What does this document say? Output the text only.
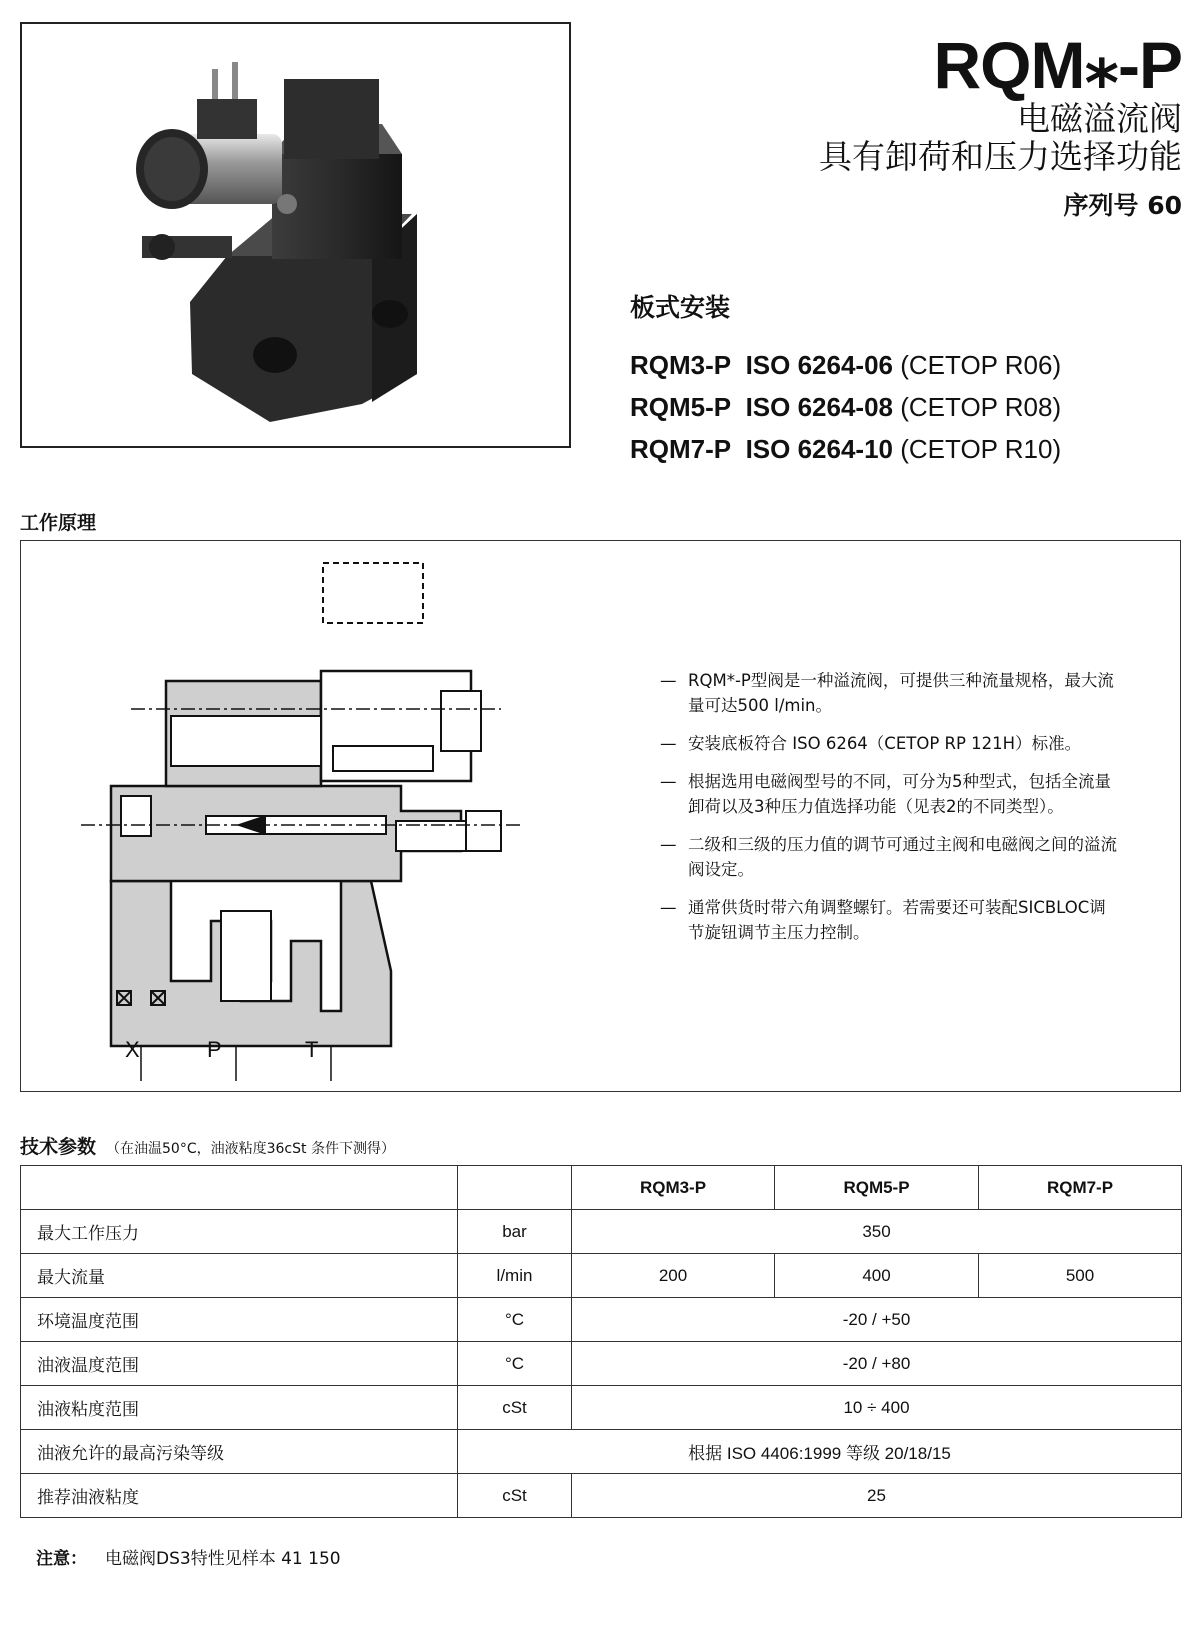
RQM⁎-P
电磁溢流阀
具有卸荷和压力选择功能
序列号 60
板式安装
RQM3-P ISO 6264-06 (CETOP R06)
RQM5-P ISO 6264-08 (CETOP R08)
RQM7-P ISO 6264-10 (CETOP R10)
工作原理
X	P	T
— RQM*-P型阀是一种溢流阀，可提供三种流量规格，最大流量可达500 l/min。
— 安装底板符合 ISO 6264（CETOP RP 121H）标准。
— 根据选用电磁阀型号的不同，可分为5种型式，包括全流量卸荷以及3种压力值选择功能（见表2的不同类型）。
— 二级和三级的压力值的调节可通过主阀和电磁阀之间的溢流阀设定。
— 通常供货时带六角调整螺钉。若需要还可装配SICBLOC调节旋钮调节主压力控制。
技术参数 （在油温50°C，油液粘度36cSt 条件下测得）
		RQM3-P	RQM5-P	RQM7-P
最大工作压力	bar	350		
最大流量	l/min	200	400	500
环境温度范围	°C	-20 / +50		
油液温度范围	°C	-20 / +80		
油液粘度范围	cSt	10 ÷ 400		
油液允许的最高污染等级	根据 ISO 4406:1999 等级 20/18/15			
推荐油液粘度	cSt	25		
注意： 电磁阀DS3特性见样本 41 150
